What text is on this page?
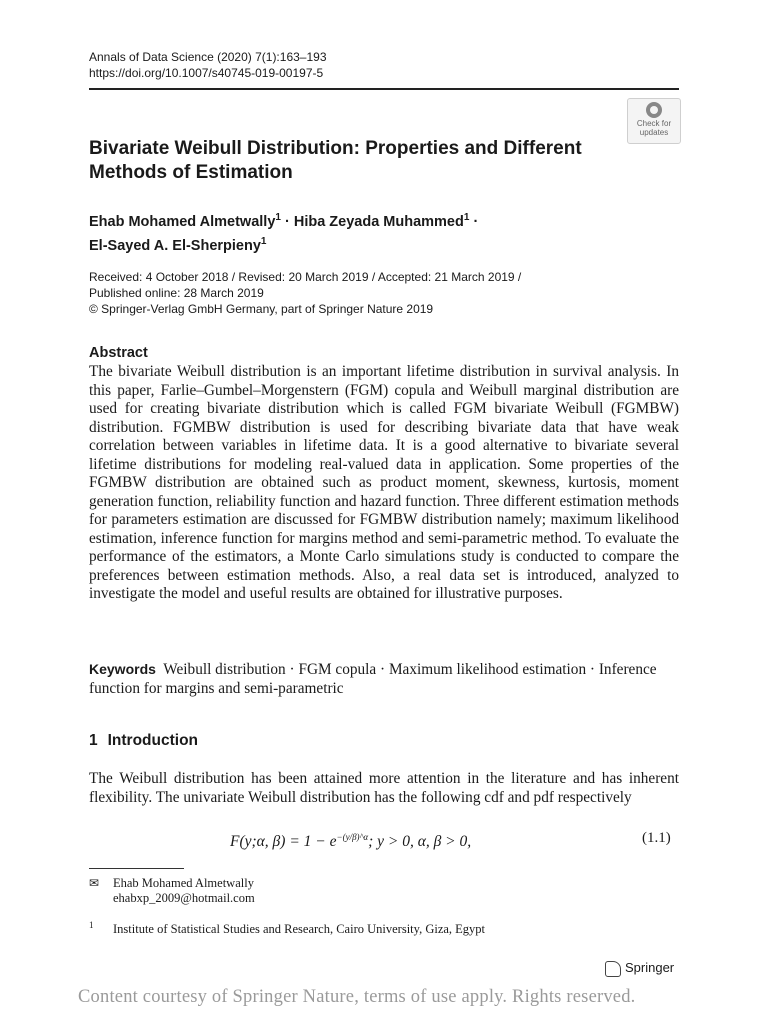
Annals of Data Science (2020) 7(1):163–193
https://doi.org/10.1007/s40745-019-00197-5
Check for
updates
Bivariate Weibull Distribution: Properties and Different Methods of Estimation
Ehab Mohamed Almetwally$^1$ · Hiba Zeyada Muhammed$^1$ ·
El-Sayed A. El-Sherpieny$^1$
Received: 4 October 2018 / Revised: 20 March 2019 / Accepted: 21 March 2019 /
Published online: 28 March 2019
© Springer-Verlag GmbH Germany, part of Springer Nature 2019
Abstract

The bivariate Weibull distribution is an important lifetime distribution in survival analysis. In this paper, Farlie–Gumbel–Morgenstern (FGM) copula and Weibull marginal distribution are used for creating bivariate distribution which is called FGM bivariate Weibull (FGMBW) distribution. FGMBW distribution is used for describing bivariate data that have weak correlation between variables in lifetime data. It is a good alternative to bivariate several lifetime distributions for modeling real-valued data in application. Some properties of the FGMBW distribution are obtained such as product moment, skewness, kurtosis, moment generation function, reliability function and hazard function. Three different estimation methods for parameters estimation are discussed for FGMBW distribution namely; maximum likelihood estimation, inference function for margins method and semi-parametric method. To evaluate the performance of the estimators, a Monte Carlo simulations study is conducted to compare the preferences between estimation methods. Also, a real data set is introduced, analyzed to investigate the model and useful results are obtained for illustrative purposes.

Keywords Weibull distribution · FGM copula · Maximum likelihood estimation · Inference function for margins and semi-parametric
1 Introduction

The Weibull distribution has been attained more attention in the literature and has inherent flexibility. The univariate Weibull distribution has the following cdf and pdf respectively

F(y;α, $\beta) = 1 - e^{-(y/\beta)\^{}\alpha}$; y > 0, α, β > 0,	(1.1)
✉ Ehab Mohamed Almetwally
ehabxp_2009@hotmail.com
1 Institute of Statistical Studies and Research, Cairo University, Giza, Egypt
Springer
Content courtesy of Springer Nature, terms of use apply. Rights reserved.
